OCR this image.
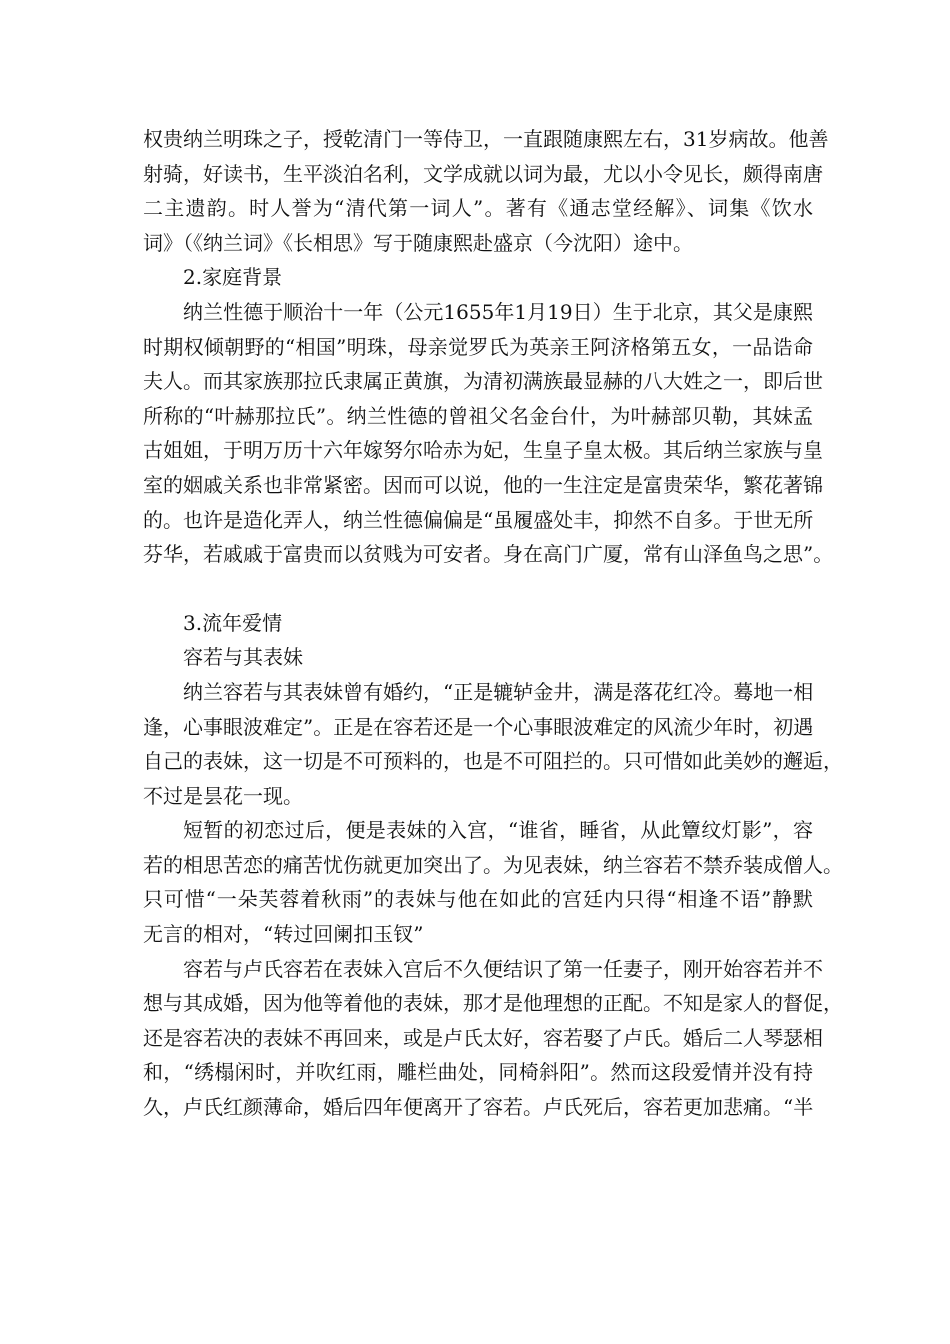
权贵纳兰明珠之子，授乾清门一等侍卫，一直跟随康熙左右，31岁病故。他善
射骑，好读书，生平淡泊名利，文学成就以词为最，尤以小令见长，颇得南唐
二主遗韵。时人誉为“清代第一词人”。著有《通志堂经解》、词集《饮水
词》（《纳兰词》《长相思》写于随康熙赴盛京（今沈阳）途中。
2.家庭背景
纳兰性德于顺治十一年（公元1655年1月19日）生于北京，其父是康熙
时期权倾朝野的“相国”明珠，母亲觉罗氏为英亲王阿济格第五女，一品诰命
夫人。而其家族那拉氏隶属正黄旗，为清初满族最显赫的八大姓之一，即后世
所称的“叶赫那拉氏”。纳兰性德的曾祖父名金台什，为叶赫部贝勒，其妹孟
古姐姐，于明万历十六年嫁努尔哈赤为妃，生皇子皇太极。其后纳兰家族与皇
室的姻戚关系也非常紧密。因而可以说，他的一生注定是富贵荣华，繁花著锦
的。也许是造化弄人，纳兰性德偏偏是“虽履盛处丰，抑然不自多。于世无所
芬华，若戚戚于富贵而以贫贱为可安者。身在高门广厦，常有山泽鱼鸟之思”。
3.流年爱情
容若与其表妹
纳兰容若与其表妹曾有婚约，“正是辘轳金井，满是落花红冷。蓦地一相
逢，心事眼波难定”。正是在容若还是一个心事眼波难定的风流少年时，初遇
自己的表妹，这一切是不可预料的，也是不可阻拦的。只可惜如此美妙的邂逅，
不过是昙花一现。
短暂的初恋过后，便是表妹的入宫，“谁省，睡省，从此簟纹灯影”，容
若的相思苦恋的痛苦忧伤就更加突出了。为见表妹，纳兰容若不禁乔装成僧人。
只可惜“一朵芙蓉着秋雨”的表妹与他在如此的宫廷内只得“相逢不语”静默
无言的相对，“转过回阑扣玉钗”
容若与卢氏容若在表妹入宫后不久便结识了第一任妻子，刚开始容若并不
想与其成婚，因为他等着他的表妹，那才是他理想的正配。不知是家人的督促，
还是容若决的表妹不再回来，或是卢氏太好，容若娶了卢氏。婚后二人琴瑟相
和，“绣榻闲时，并吹红雨，雕栏曲处，同椅斜阳”。然而这段爱情并没有持
久，卢氏红颜薄命，婚后四年便离开了容若。卢氏死后，容若更加悲痛。“半
